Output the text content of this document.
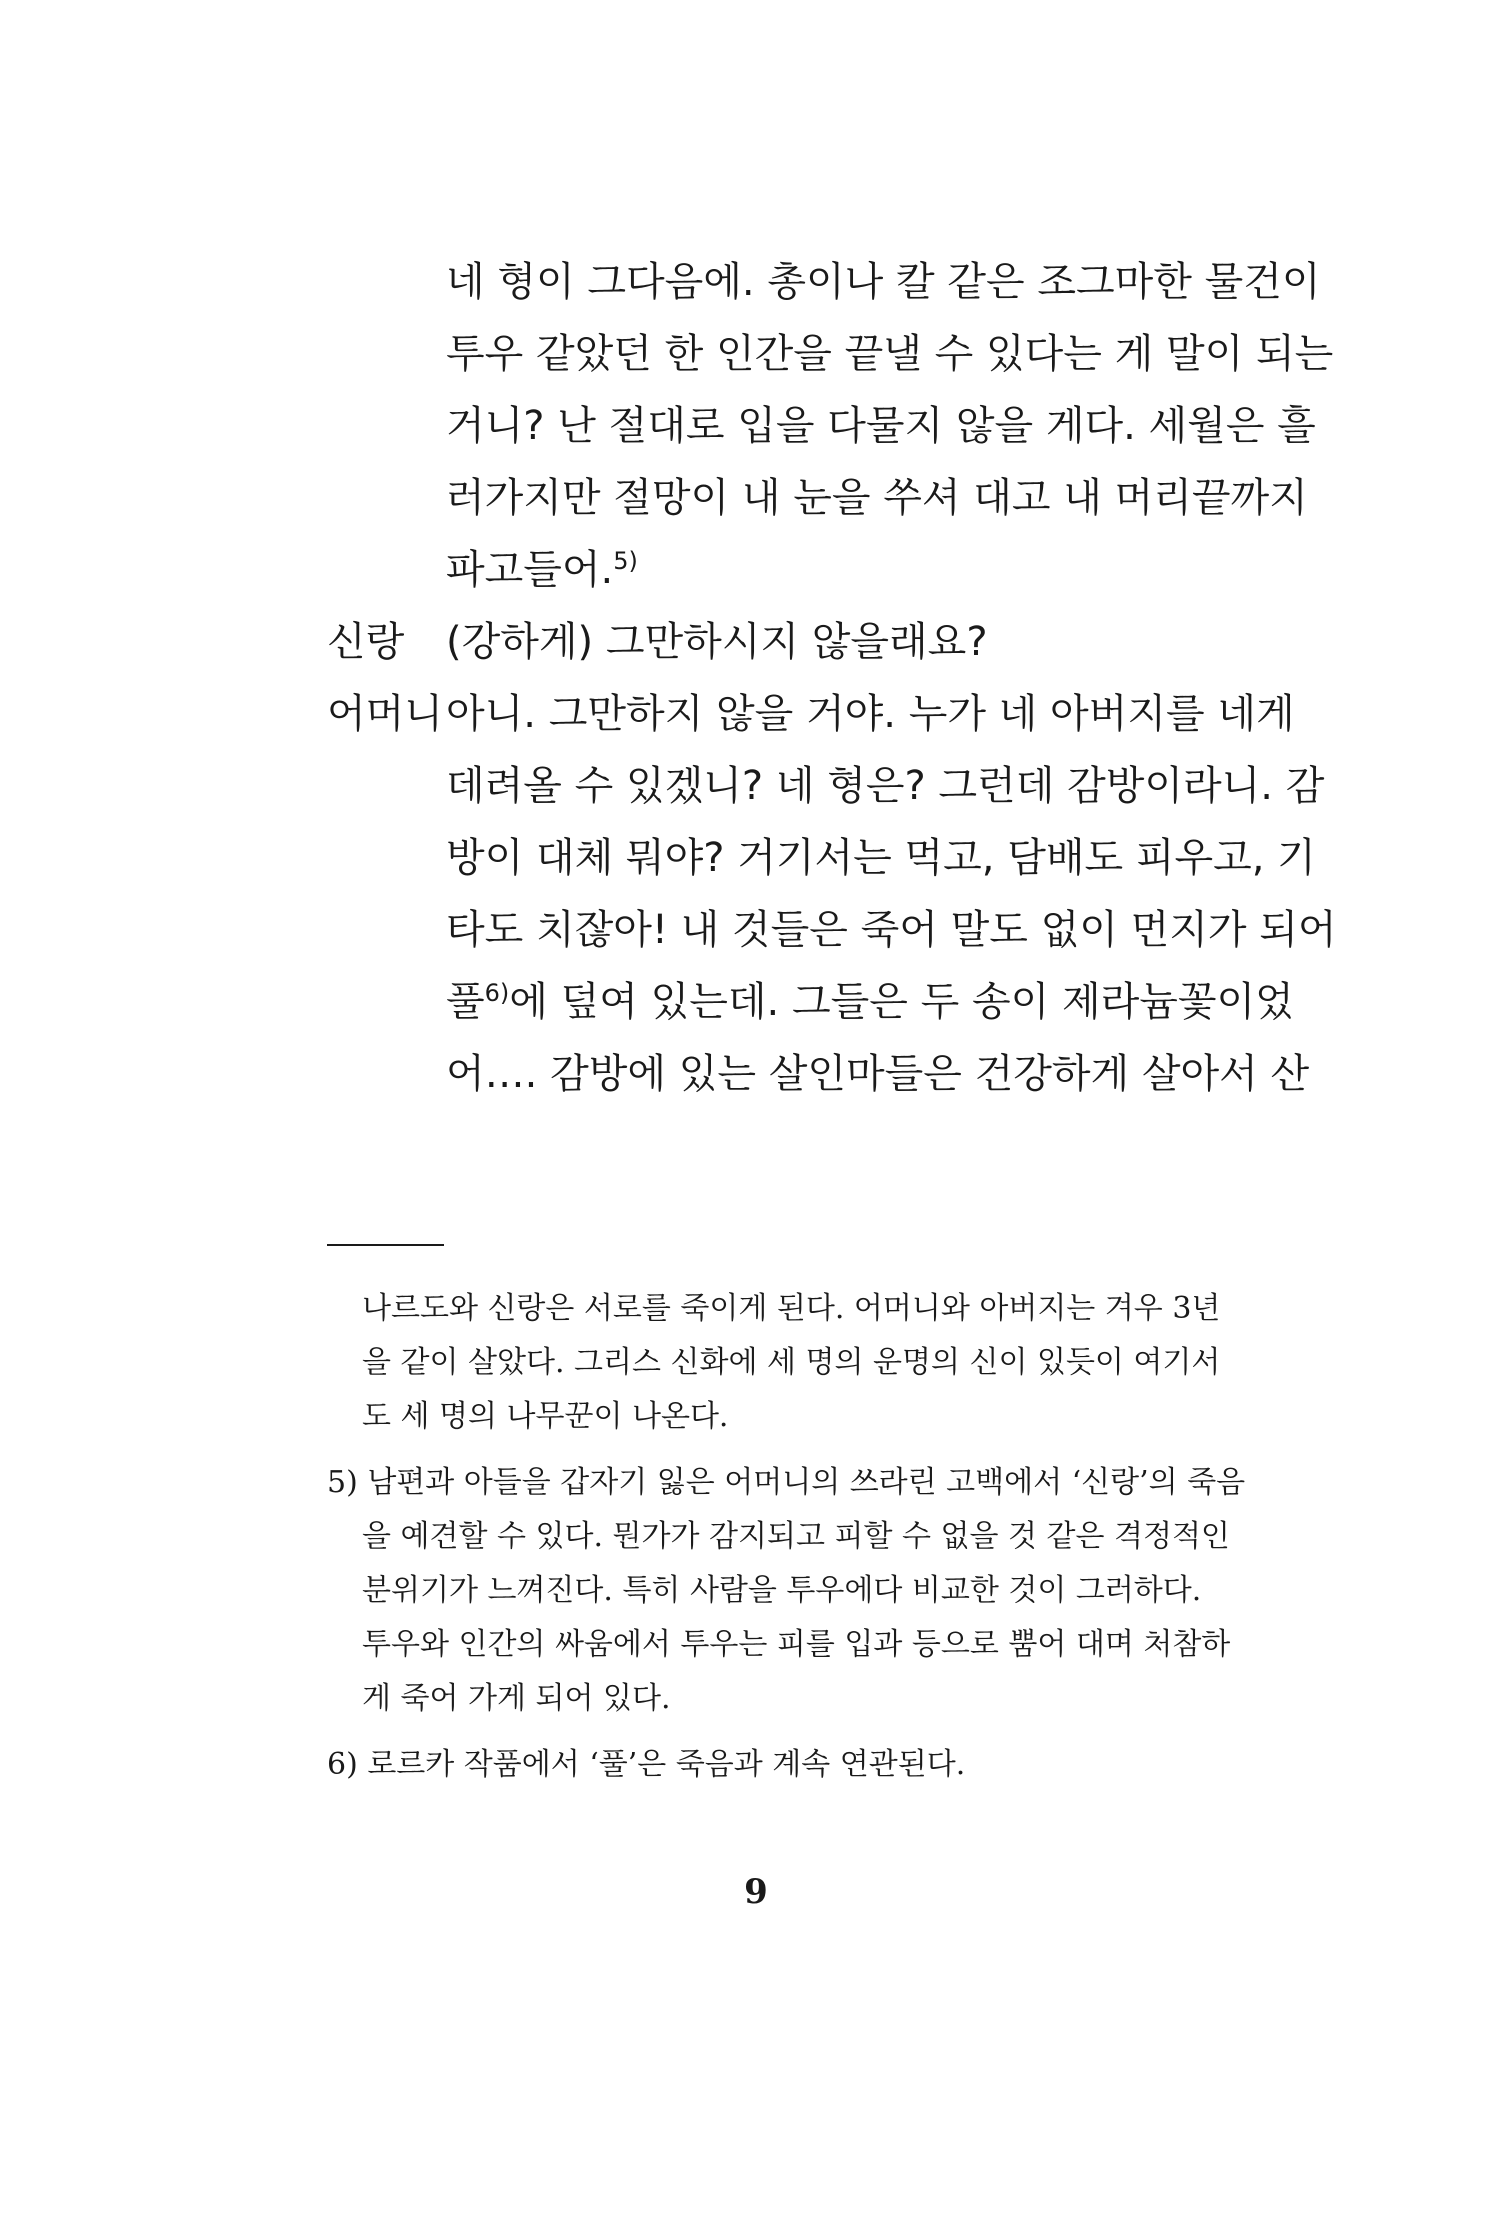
네 형이 그다음에. 총이나 칼 같은 조그마한 물건이
투우 같았던 한 인간을 끝낼 수 있다는 게 말이 되는
거니? 난 절대로 입을 다물지 않을 게다. 세월은 흘
러가지만 절망이 내 눈을 쑤셔 대고 내 머리끝까지
파고들어.$^{5)}$
신랑 (강하게) 그만하시지 않을래요?
어머니 아니. 그만하지 않을 거야. 누가 네 아버지를 네게
데려올 수 있겠니? 네 형은? 그런데 감방이라니. 감
방이 대체 뭐야? 거기서는 먹고, 담배도 피우고, 기
타도 치잖아! 내 것들은 죽어 말도 없이 먼지가 되어
풀$^{6)}$에 덮여 있는데. 그들은 두 송이 제라늄꽃이었
어…. 감방에 있는 살인마들은 건강하게 살아서 산
나르도와 신랑은 서로를 죽이게 된다. 어머니와 아버지는 겨우 3년
을 같이 살았다. 그리스 신화에 세 명의 운명의 신이 있듯이 여기서
도 세 명의 나무꾼이 나온다.
5) 남편과 아들을 갑자기 잃은 어머니의 쓰라린 고백에서 ‘신랑’의 죽음
을 예견할 수 있다. 뭔가가 감지되고 피할 수 없을 것 같은 격정적인
분위기가 느껴진다. 특히 사람을 투우에다 비교한 것이 그러하다.
투우와 인간의 싸움에서 투우는 피를 입과 등으로 뿜어 대며 처참하
게 죽어 가게 되어 있다.
6) 로르카 작품에서 ‘풀’은 죽음과 계속 연관된다.
9
